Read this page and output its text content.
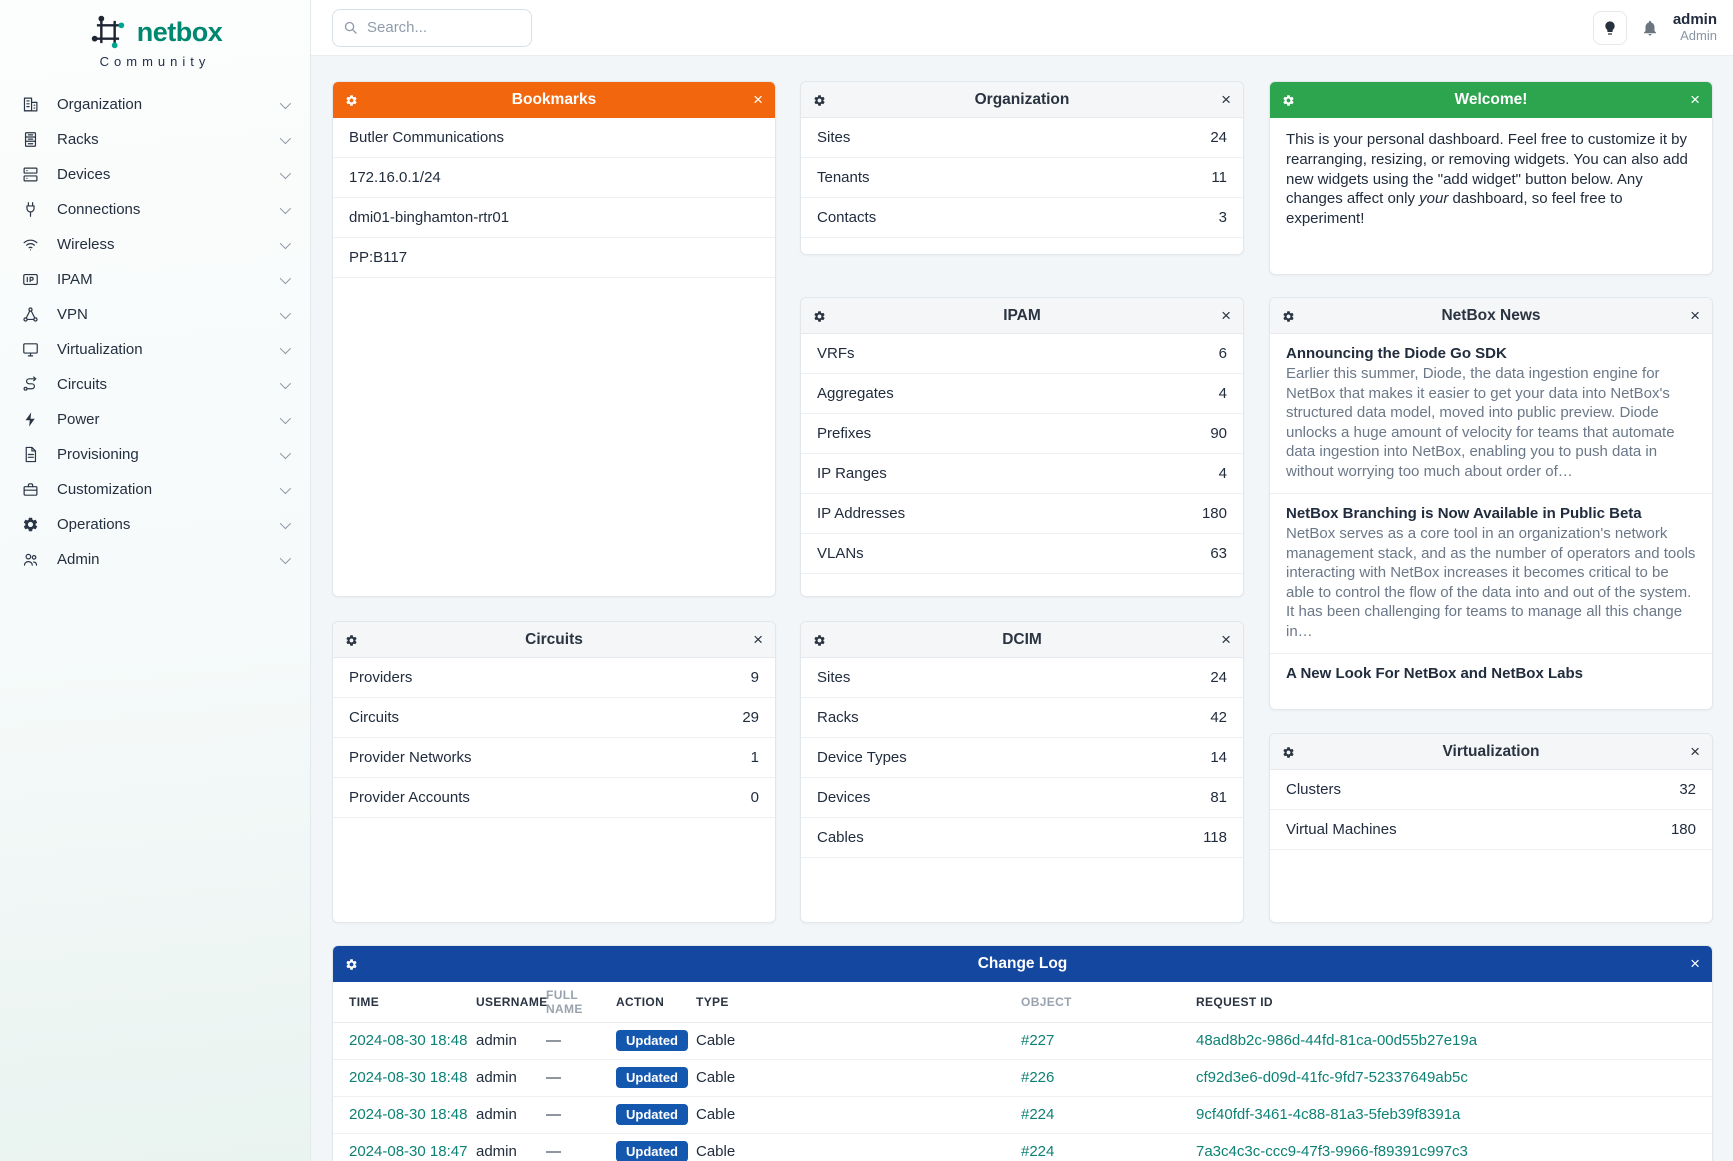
netbox
Community
Organization
Racks
Devices
Connections
Wireless
IPAM
VPN
Virtualization
Circuits
Power
Provisioning
Customization
Operations
Admin
Search...
admin
Admin
Bookmarks	×
Butler Communications
172.16.0.1/24
dmi01-binghamton-rtr01
PP:B117
Organization	×
Sites	24
Tenants	11
Contacts	3
Welcome!	×
This is your personal dashboard. Feel free to customize it by rearranging, resizing, or removing widgets. You can also add new widgets using the "add widget" button below. Any changes affect only your dashboard, so feel free to experiment!
IPAM	×
VRFs	6
Aggregates	4
Prefixes	90
IP Ranges	4
IP Addresses	180
VLANs	63
NetBox News	×
Announcing the Diode Go SDK
Earlier this summer, Diode, the data ingestion engine for NetBox that makes it easier to get your data into NetBox's structured data model, moved into public preview. Diode unlocks a huge amount of velocity for teams that automate data ingestion into NetBox, enabling you to push data in without worrying too much about order of…
NetBox Branching is Now Available in Public Beta
NetBox serves as a core tool in an organization's network management stack, and as the number of operators and tools interacting with NetBox increases it becomes critical to be able to control the flow of the data into and out of the system. It has been challenging for teams to manage all this change in…
A New Look For NetBox and NetBox Labs
Circuits	×
Providers	9
Circuits	29
Provider Networks	1
Provider Accounts	0
DCIM	×
Sites	24
Racks	42
Device Types	14
Devices	81
Cables	118
Virtualization	×
Clusters	32
Virtual Machines	180
Change Log	×
TIME	USERNAME	FULL NAME	ACTION	TYPE	OBJECT	REQUEST ID
2024-08-30 18:48	admin	—	Updated	Cable	#227	48ad8b2c-986d-44fd-81ca-00d55b27e19a
2024-08-30 18:48	admin	—	Updated	Cable	#226	cf92d3e6-d09d-41fc-9fd7-52337649ab5c
2024-08-30 18:48	admin	—	Updated	Cable	#224	9cf40fdf-3461-4c88-81a3-5feb39f8391a
2024-08-30 18:47	admin	—	Updated	Cable	#224	7a3c4c3c-ccc9-47f3-9966-f89391c997c3
